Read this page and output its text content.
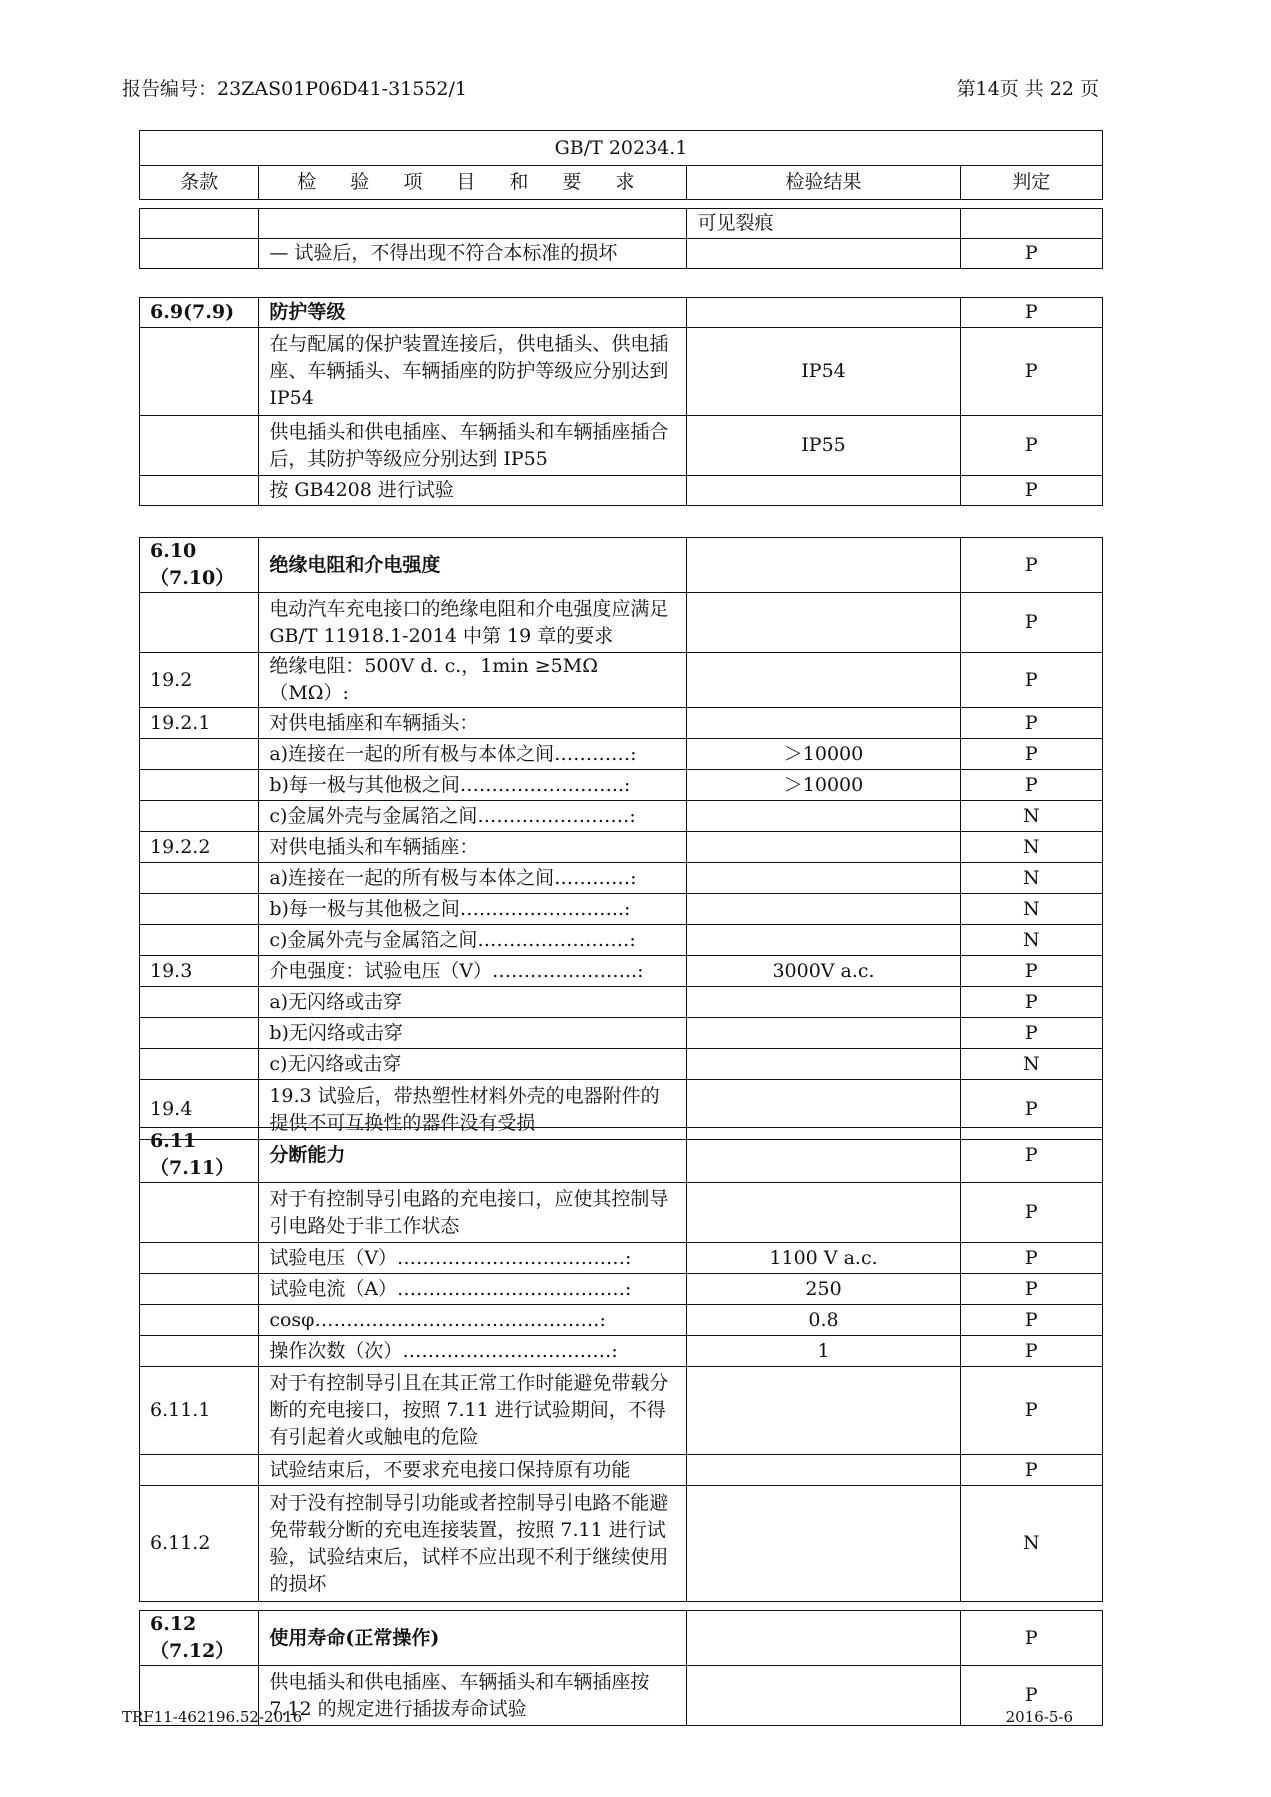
报告编号：23ZAS01P06D41-31552/1	第14页 共 22 页
GB/T 20234.1
条款	检 验 项 目 和 要 求	检验结果	判定
		可见裂痕	
	— 试验后，不得出现不符合本标准的损坏		P
6.9(7.9)	防护等级		P
	在与配属的保护装置连接后，供电插头、供电插座、车辆插头、车辆插座的防护等级应分别达到 IP54	IP54	P
	供电插头和供电插座、车辆插头和车辆插座插合后，其防护等级应分别达到 IP55	IP55	P
	按 GB4208 进行试验		P
6.10（7.10）	绝缘电阻和介电强度		P
	电动汽车充电接口的绝缘电阻和介电强度应满足 GB/T 11918.1-2014 中第 19 章的要求		P
19.2	绝缘电阻：500V d. c.，1min ≥5MΩ（MΩ）:		P
19.2.1	对供电插座和车辆插头：		P
	a)连接在一起的所有极与本体之间…………:	＞10000	P
	b)每一极与其他极之间……………………..:	＞10000	P
	c)金属外壳与金属箔之间……………………:		N
19.2.2	对供电插头和车辆插座：		N
	a)连接在一起的所有极与本体之间…………:		N
	b)每一极与其他极之间……………………..:		N
	c)金属外壳与金属箔之间……………………:		N
19.3	介电强度：试验电压（V）…………………..:	3000V a.c.	P
	a)无闪络或击穿		P
	b)无闪络或击穿		P
	c)无闪络或击穿		N
19.4	19.3 试验后，带热塑性材料外壳的电器附件的提供不可互换性的器件没有受损		P
6.11（7.11）	分断能力		P
	对于有控制导引电路的充电接口，应使其控制导引电路处于非工作状态		P
	试验电压（V）………………………………:	1100 V a.c.	P
	试验电流（A）………………………………:	250	P
	cosφ………………………………………:	0.8	P
	操作次数（次）……………………………:	1	P
6.11.1	对于有控制导引且在其正常工作时能避免带载分断的充电接口，按照 7.11 进行试验期间，不得有引起着火或触电的危险		P
	试验结束后，不要求充电接口保持原有功能		P
6.11.2	对于没有控制导引功能或者控制导引电路不能避免带载分断的充电连接装置，按照 7.11 进行试验，试验结束后，试样不应出现不利于继续使用的损坏		N
6.12（7.12）	使用寿命(正常操作)		P
	供电插头和供电插座、车辆插头和车辆插座按 7.12 的规定进行插拔寿命试验		P
TRF11-462196.52-2016	2016-5-6
